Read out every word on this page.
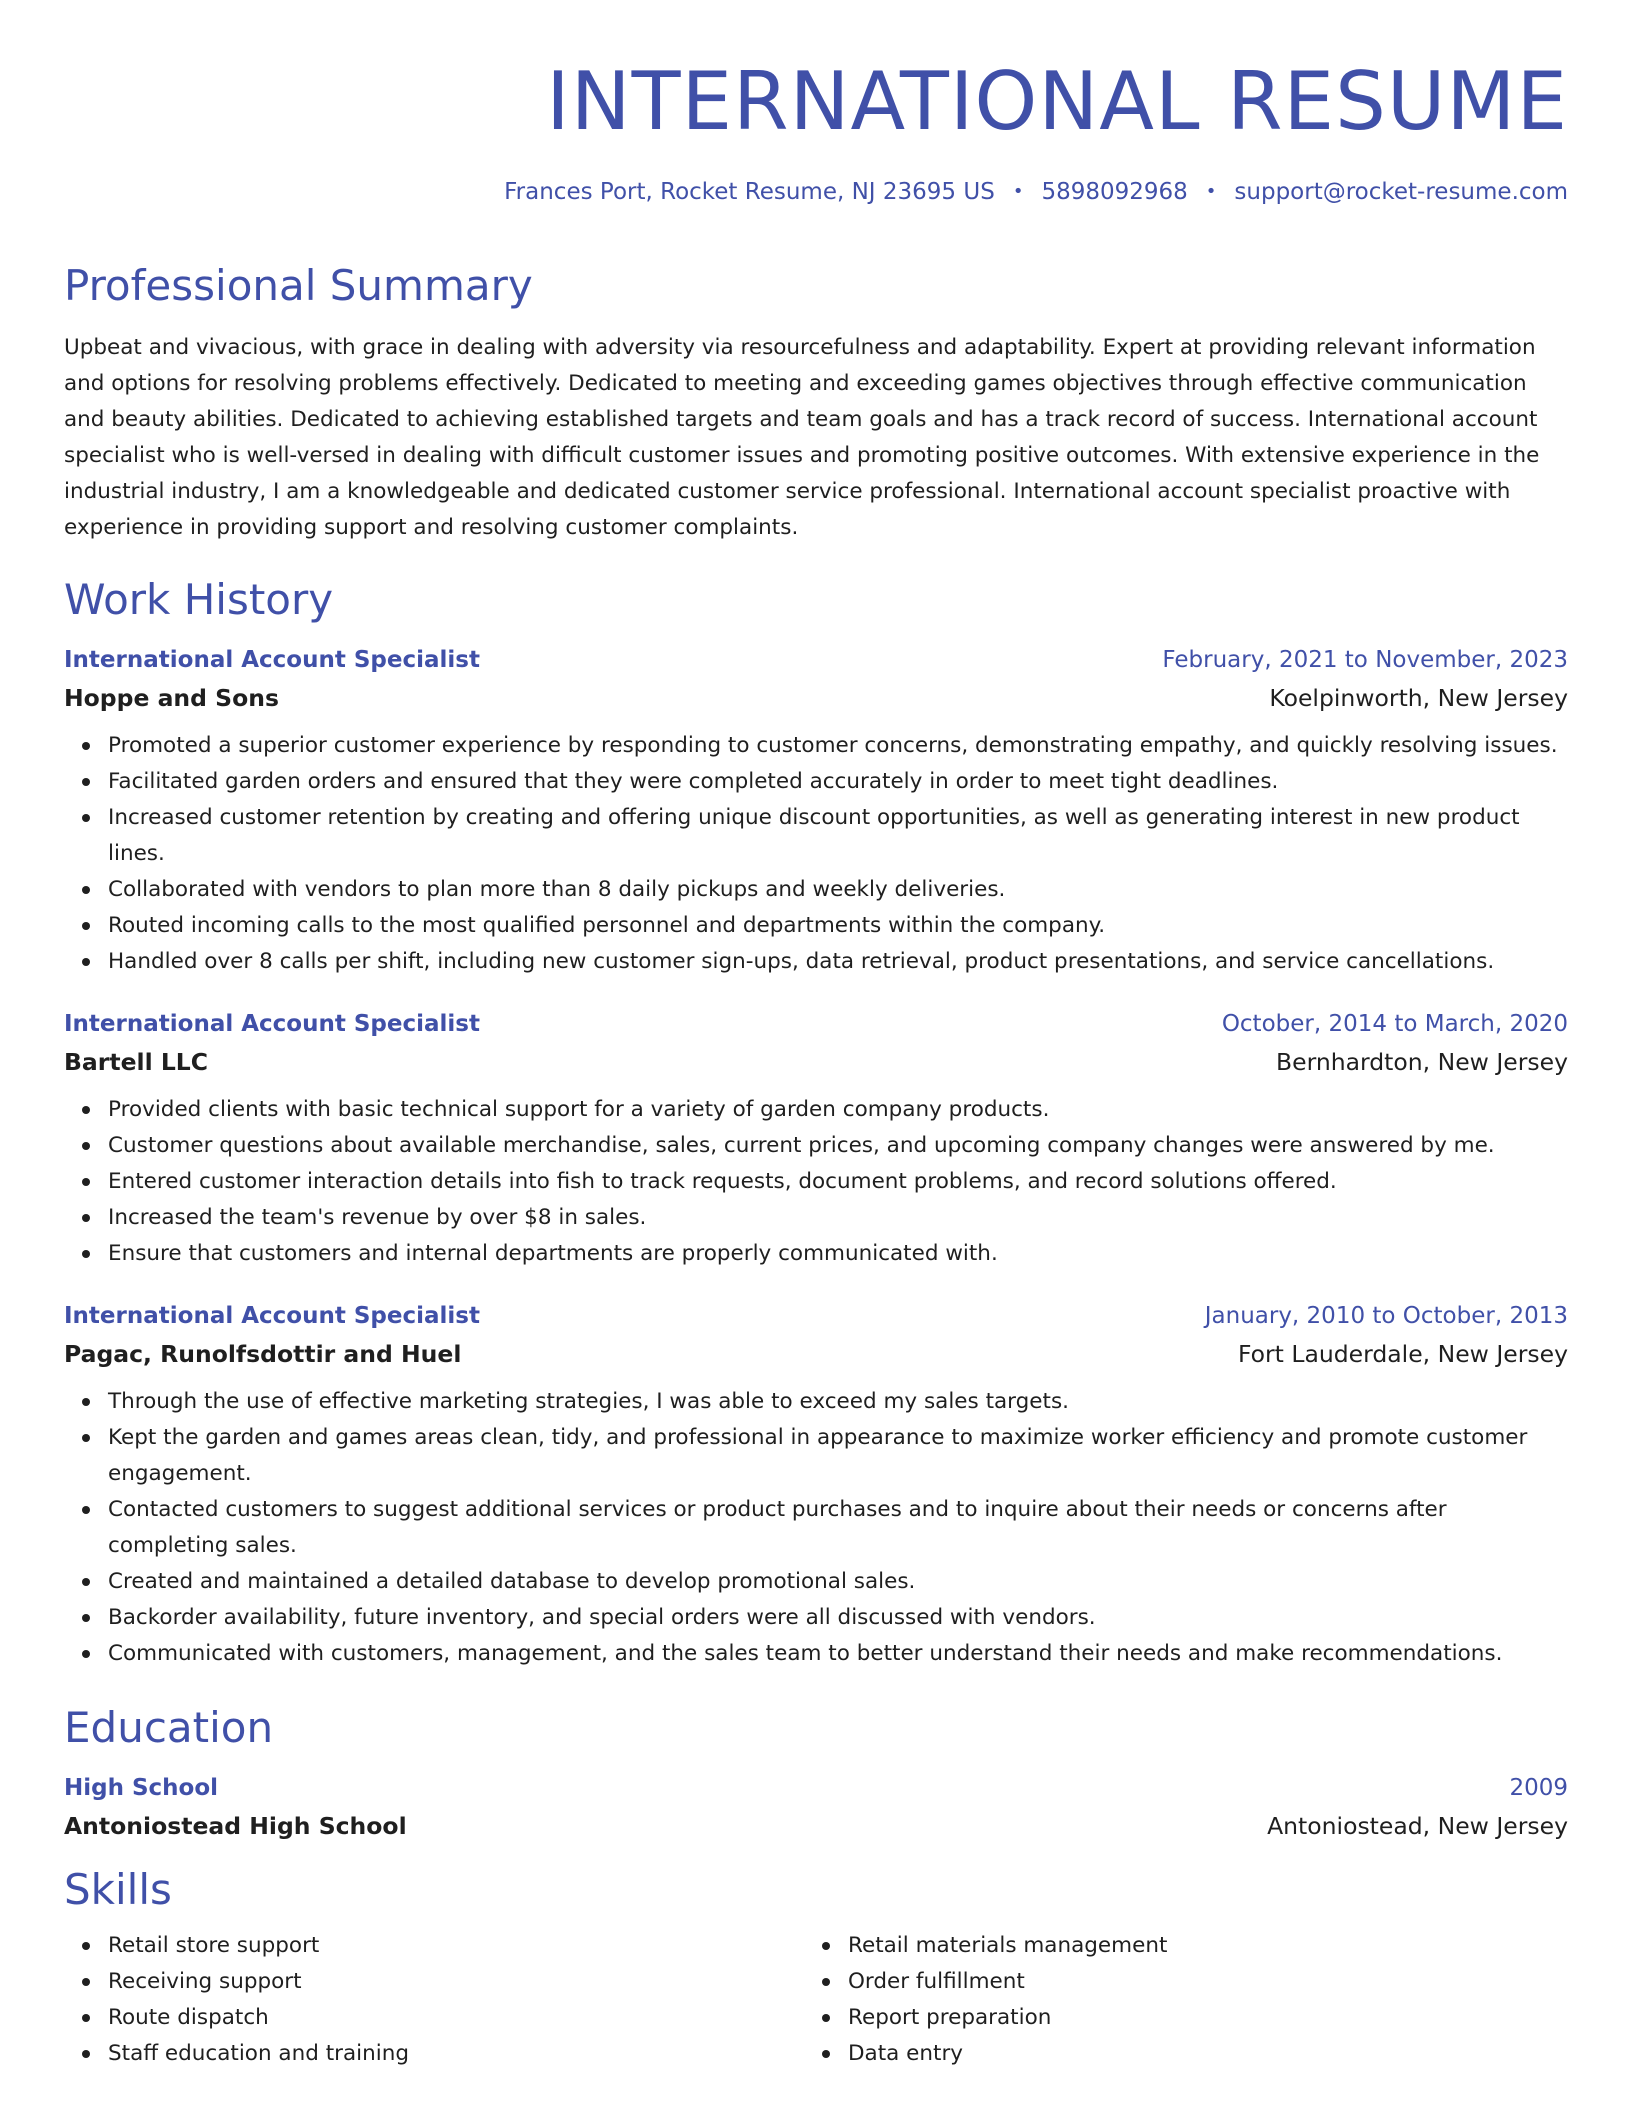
INTERNATIONAL RESUME
Frances Port, Rocket Resume, NJ 23695 US • 5898092968 • support@rocket-resume.com
Professional Summary

Upbeat and vivacious, with grace in dealing with adversity via resourcefulness and adaptability. Expert at providing relevant information and options for resolving problems effectively. Dedicated to meeting and exceeding games objectives through effective communication and beauty abilities. Dedicated to achieving established targets and team goals and has a track record of success. International account specialist who is well-versed in dealing with difficult customer issues and promoting positive outcomes. With extensive experience in the industrial industry, I am a knowledgeable and dedicated customer service professional. International account specialist proactive with experience in providing support and resolving customer complaints.

Work History
International Account Specialist	February, 2021 to November, 2023
Hoppe and Sons	Koelpinworth, New Jersey
Promoted a superior customer experience by responding to customer concerns, demonstrating empathy, and quickly resolving issues.
Facilitated garden orders and ensured that they were completed accurately in order to meet tight deadlines.
Increased customer retention by creating and offering unique discount opportunities, as well as generating interest in new product lines.
Collaborated with vendors to plan more than 8 daily pickups and weekly deliveries.
Routed incoming calls to the most qualified personnel and departments within the company.
Handled over 8 calls per shift, including new customer sign-ups, data retrieval, product presentations, and service cancellations.
International Account Specialist	October, 2014 to March, 2020
Bartell LLC	Bernhardton, New Jersey
Provided clients with basic technical support for a variety of garden company products.
Customer questions about available merchandise, sales, current prices, and upcoming company changes were answered by me.
Entered customer interaction details into fish to track requests, document problems, and record solutions offered.
Increased the team's revenue by over $8 in sales.
Ensure that customers and internal departments are properly communicated with.
International Account Specialist	January, 2010 to October, 2013
Pagac, Runolfsdottir and Huel	Fort Lauderdale, New Jersey
Through the use of effective marketing strategies, I was able to exceed my sales targets.
Kept the garden and games areas clean, tidy, and professional in appearance to maximize worker efficiency and promote customer engagement.
Contacted customers to suggest additional services or product purchases and to inquire about their needs or concerns after completing sales.
Created and maintained a detailed database to develop promotional sales.
Backorder availability, future inventory, and special orders were all discussed with vendors.
Communicated with customers, management, and the sales team to better understand their needs and make recommendations.
Education
High School	2009
Antoniostead High School	Antoniostead, New Jersey
Skills
Retail store support
Receiving support
Route dispatch
Staff education and training
Retail materials management
Order fulfillment
Report preparation
Data entry
